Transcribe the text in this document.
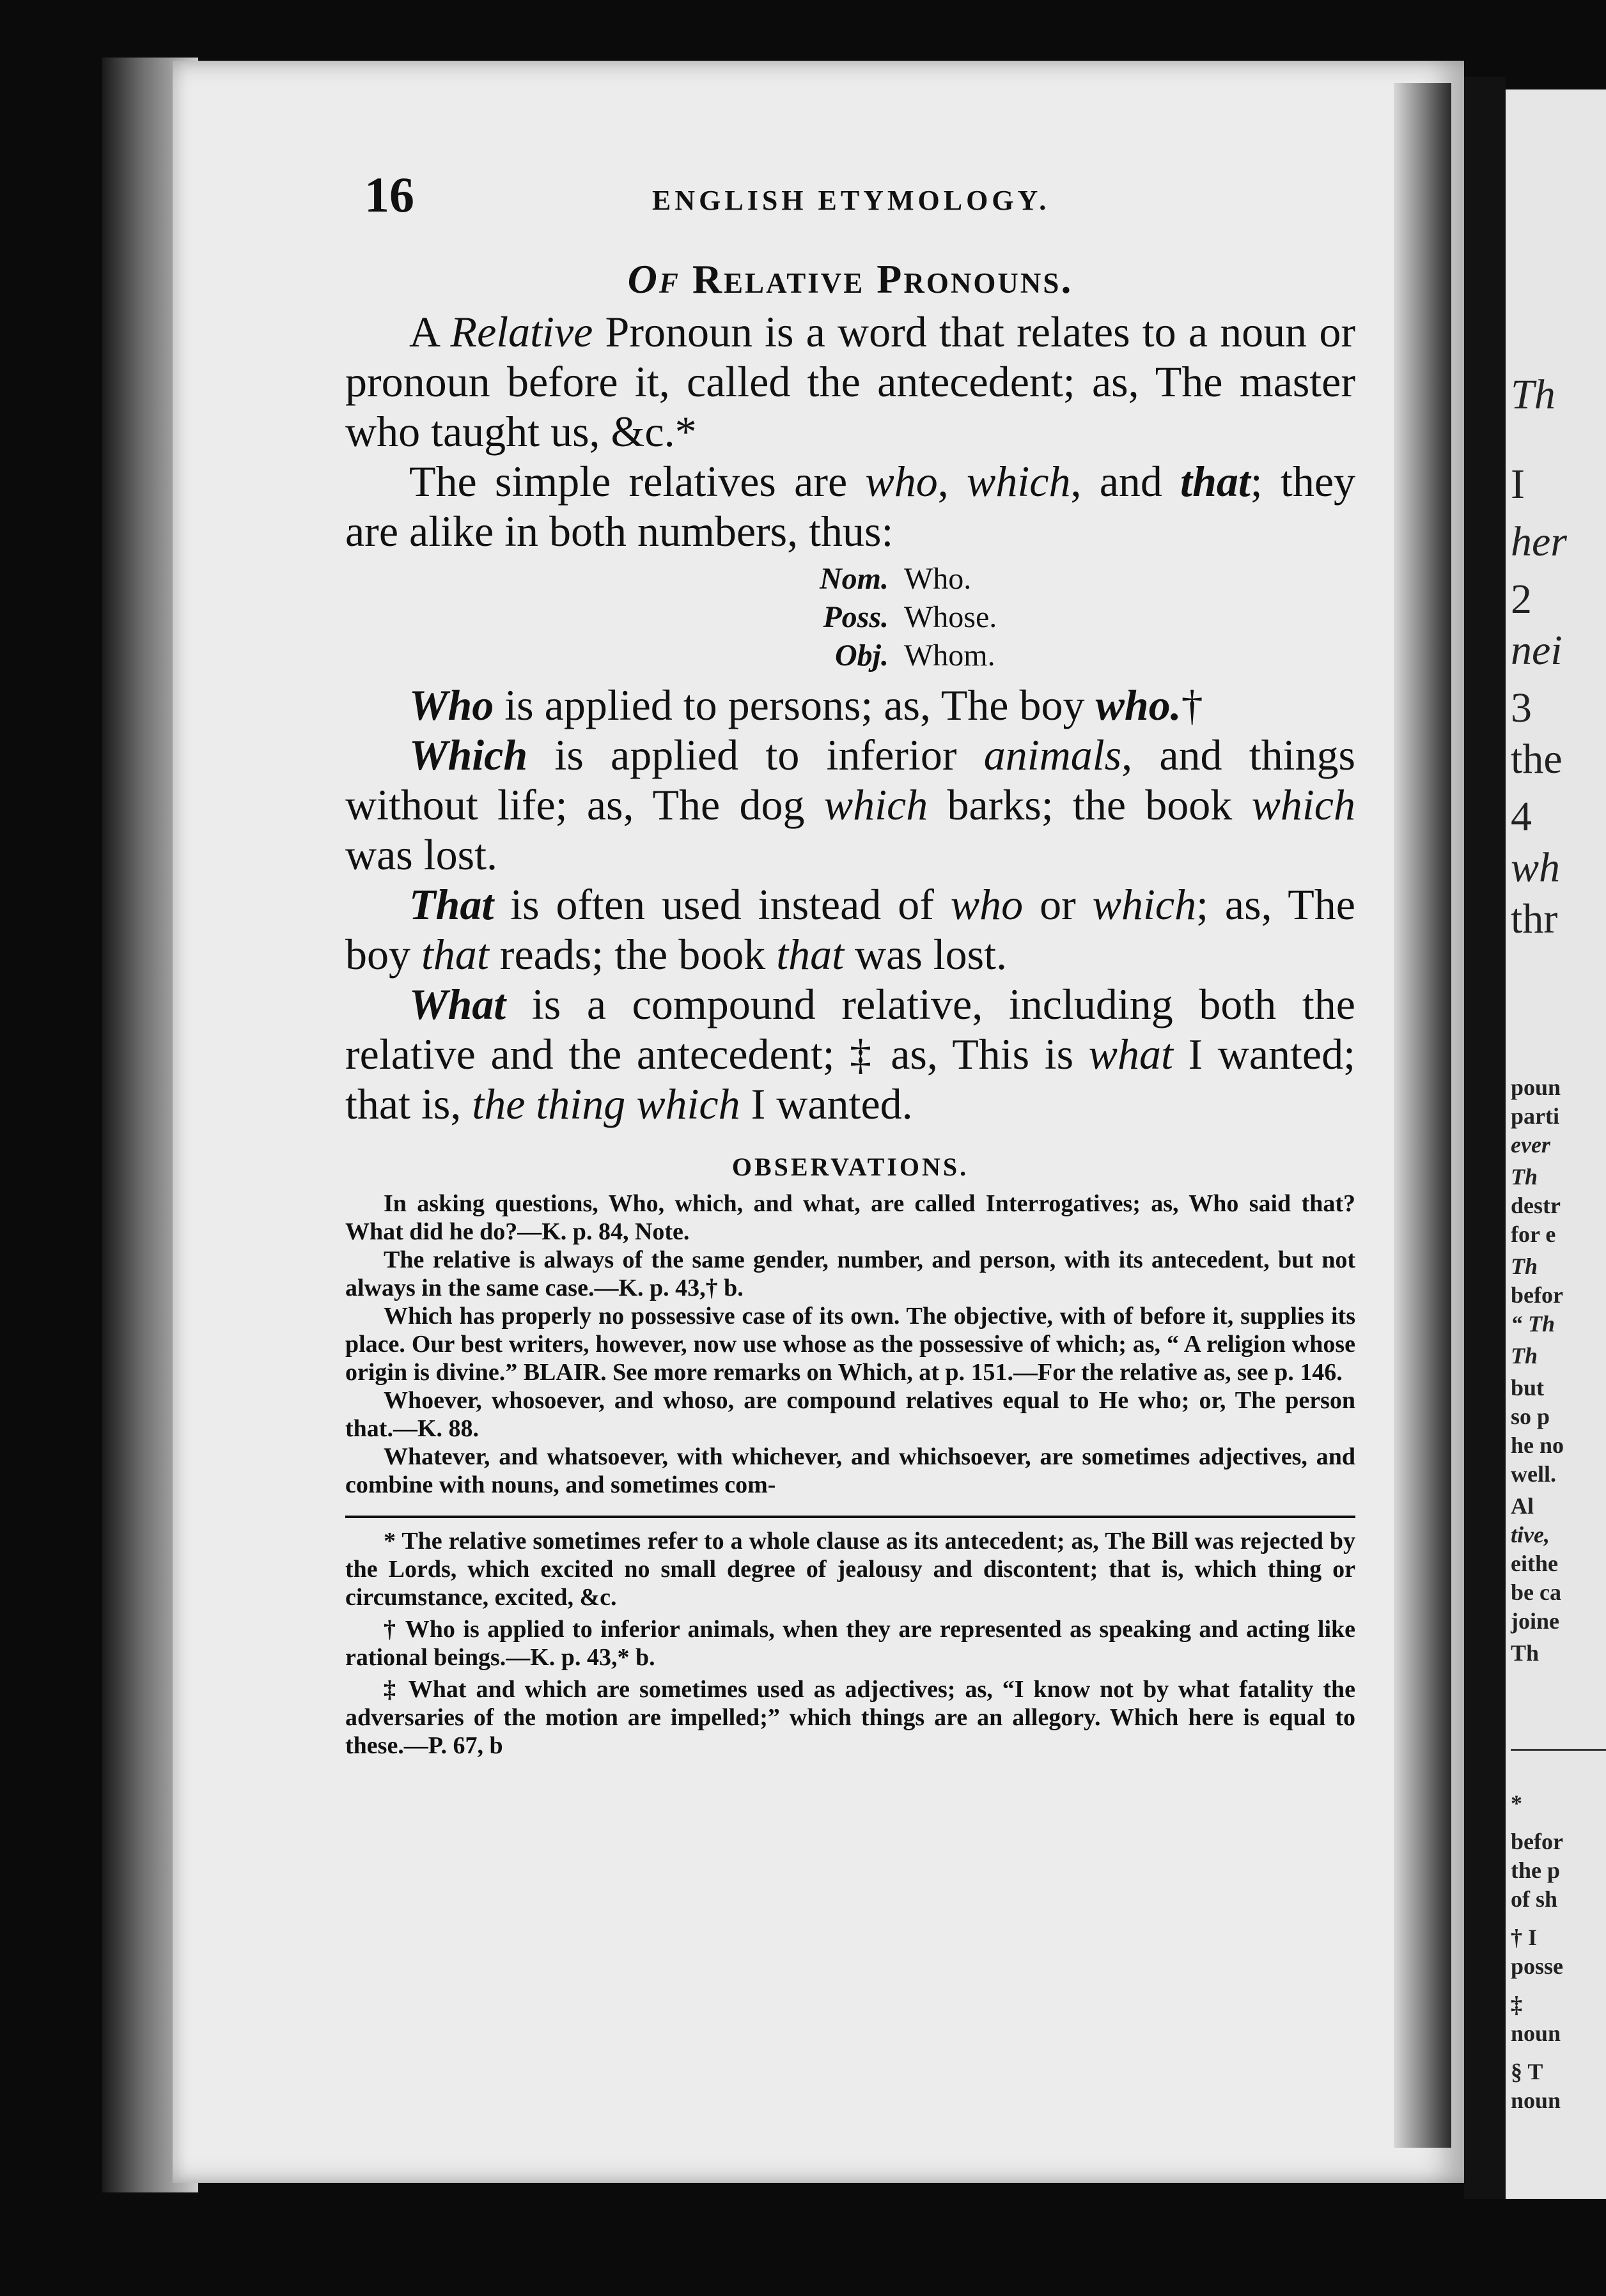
Th
I
her
2
nei
3
the
4
wh
thr
poun
parti
ever
Th
destr
for e
Th
befor
“ Th
Th
but
so p
he no
well.
Al
tive,
eithe
be ca
joine
Th
*
befor
the p
of sh
† I
posse
‡
noun
§ T
noun
16	ENGLISH ETYMOLOGY.
Of Relative Pronouns.

A Relative Pronoun is a word that relates to a noun or pronoun before it, called the antecedent; as, The master who taught us, &c.*

The simple relatives are who, which, and that; they are alike in both numbers, thus:

Nom. Who.
Poss. Whose.
Obj. Whom.

Who is applied to persons; as, The boy who.†

Which is applied to inferior animals, and things without life; as, The dog which barks; the book which was lost.

That is often used instead of who or which; as, The boy that reads; the book that was lost.

What is a compound relative, including both the relative and the antecedent; ‡ as, This is what I wanted; that is, the thing which I wanted.

OBSERVATIONS.

In asking questions, Who, which, and what, are called Interrogatives; as, Who said that? What did he do?—K. p. 84, Note.

The relative is always of the same gender, number, and person, with its antecedent, but not always in the same case.—K. p. 43,† b.

Which has properly no possessive case of its own. The objective, with of before it, supplies its place. Our best writers, however, now use whose as the possessive of which; as, “ A religion whose origin is divine.” BLAIR. See more remarks on Which, at p. 151.—For the relative as, see p. 146.

Whoever, whosoever, and whoso, are compound relatives equal to He who; or, The person that.—K. 88.

Whatever, and whatsoever, with whichever, and whichsoever, are sometimes adjectives, and combine with nouns, and sometimes com-

* The relative sometimes refer to a whole clause as its antecedent; as, The Bill was rejected by the Lords, which excited no small degree of jealousy and discontent; that is, which thing or circumstance, excited, &c.

† Who is applied to inferior animals, when they are represented as speaking and acting like rational beings.—K. p. 43,* b.

‡ What and which are sometimes used as adjectives; as, “I know not by what fatality the adversaries of the motion are impelled;” which things are an allegory. Which here is equal to these.—P. 67, b
